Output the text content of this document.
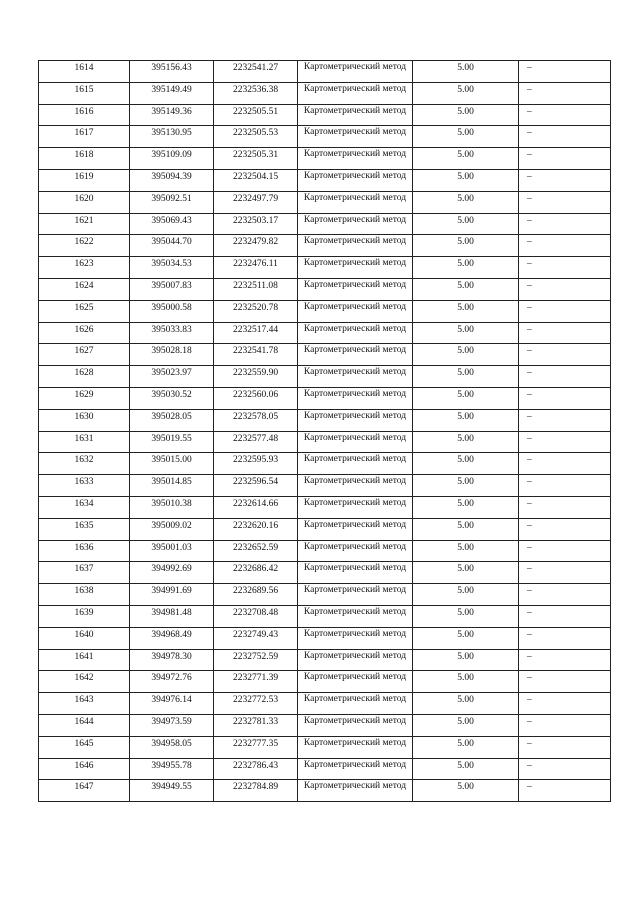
1614	395156.43	2232541.27	Картометрический метод	5.00	–
1615	395149.49	2232536.38	Картометрический метод	5.00	–
1616	395149.36	2232505.51	Картометрический метод	5.00	–
1617	395130.95	2232505.53	Картометрический метод	5.00	–
1618	395109.09	2232505.31	Картометрический метод	5.00	–
1619	395094.39	2232504.15	Картометрический метод	5.00	–
1620	395092.51	2232497.79	Картометрический метод	5.00	–
1621	395069.43	2232503.17	Картометрический метод	5.00	–
1622	395044.70	2232479.82	Картометрический метод	5.00	–
1623	395034.53	2232476.11	Картометрический метод	5.00	–
1624	395007.83	2232511.08	Картометрический метод	5.00	–
1625	395000.58	2232520.78	Картометрический метод	5.00	–
1626	395033.83	2232517.44	Картометрический метод	5.00	–
1627	395028.18	2232541.78	Картометрический метод	5.00	–
1628	395023.97	2232559.90	Картометрический метод	5.00	–
1629	395030.52	2232560.06	Картометрический метод	5.00	–
1630	395028.05	2232578.05	Картометрический метод	5.00	–
1631	395019.55	2232577.48	Картометрический метод	5.00	–
1632	395015.00	2232595.93	Картометрический метод	5.00	–
1633	395014.85	2232596.54	Картометрический метод	5.00	–
1634	395010.38	2232614.66	Картометрический метод	5.00	–
1635	395009.02	2232620.16	Картометрический метод	5.00	–
1636	395001.03	2232652.59	Картометрический метод	5.00	–
1637	394992.69	2232686.42	Картометрический метод	5.00	–
1638	394991.69	2232689.56	Картометрический метод	5.00	–
1639	394981.48	2232708.48	Картометрический метод	5.00	–
1640	394968.49	2232749.43	Картометрический метод	5.00	–
1641	394978.30	2232752.59	Картометрический метод	5.00	–
1642	394972.76	2232771.39	Картометрический метод	5.00	–
1643	394976.14	2232772.53	Картометрический метод	5.00	–
1644	394973.59	2232781.33	Картометрический метод	5.00	–
1645	394958.05	2232777.35	Картометрический метод	5.00	–
1646	394955.78	2232786.43	Картометрический метод	5.00	–
1647	394949.55	2232784.89	Картометрический метод	5.00	–
